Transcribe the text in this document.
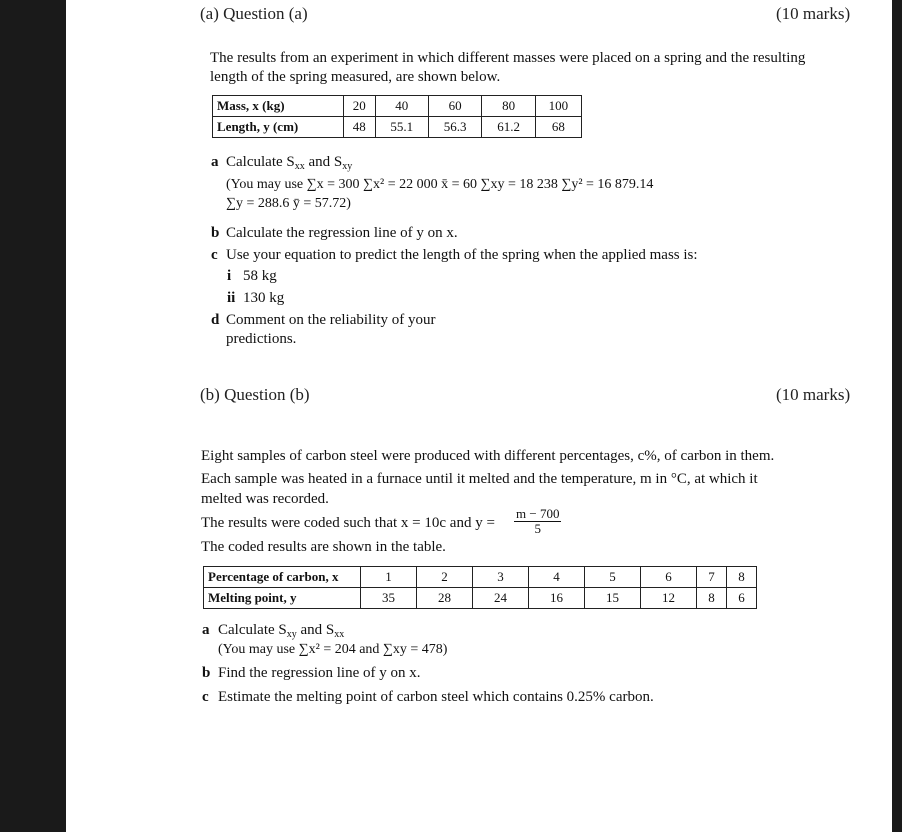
(a) Question (a)	(10 marks)
The results from an experiment in which different masses were placed on a spring and the resulting
length of the spring measured, are shown below.
Mass, x (kg)	20	40	60	80	100
Length, y (cm)	48	55.1	56.3	61.2	68
a Calculate $S_{xx}$ and $S_{xy}$
(You may use ∑x = 300 ∑x² = 22 000 x̄ = 60 ∑xy = 18 238 ∑y² = 16 879.14
∑y = 288.6 ȳ = 57.72)
b Calculate the regression line of y on x.
c Use your equation to predict the length of the spring when the applied mass is:
i 58 kg
ii 130 kg
d Comment on the reliability of your
predictions.
(b) Question (b)	(10 marks)
Eight samples of carbon steel were produced with different percentages, c%, of carbon in them.
Each sample was heated in a furnace until it melted and the temperature, m in °C, at which it
melted was recorded.
The results were coded such that x = 10c and $y = \frac{m - 700}{5}$
The coded results are shown in the table.
Percentage of carbon, x	1	2	3	4	5	6	7	8
Melting point, y	35	28	24	16	15	12	8	6
a Calculate $S_{xy}$ and $S_{xx}$
(You may use ∑x² = 204 and ∑xy = 478)
b Find the regression line of y on x.
c Estimate the melting point of carbon steel which contains 0.25% carbon.
